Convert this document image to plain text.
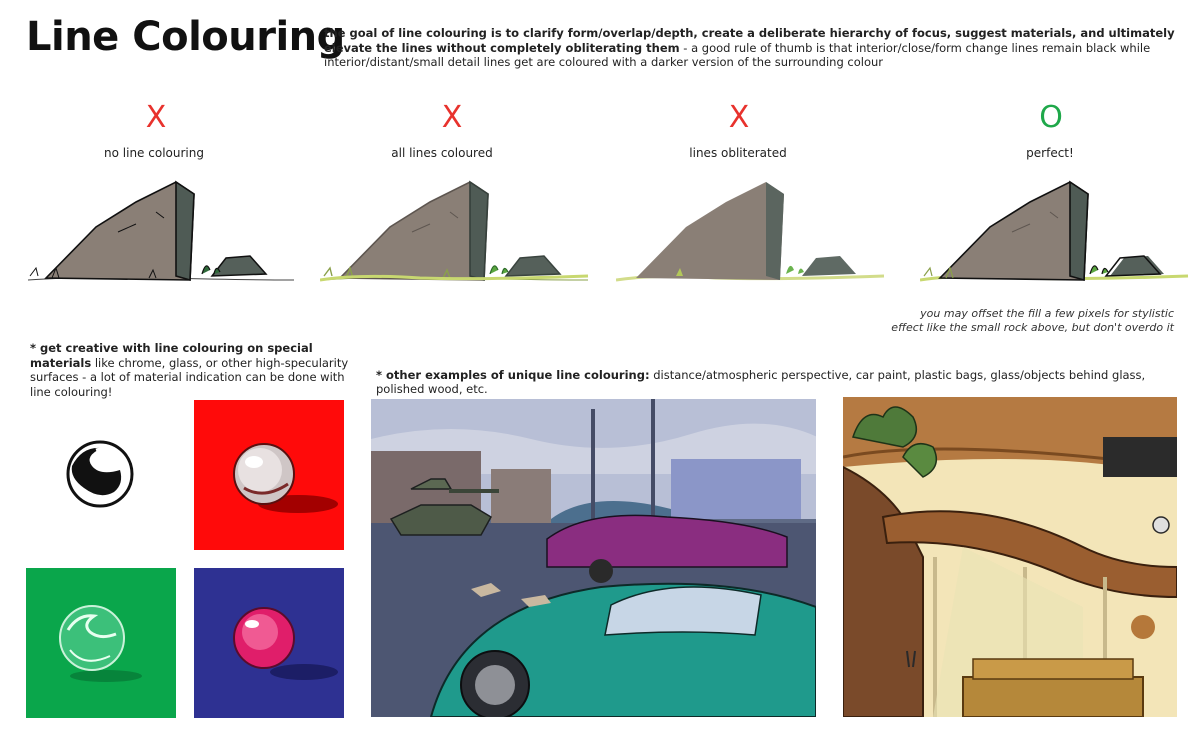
Line Colouring
the goal of line colouring is to clarify form/overlap/depth, create a deliberate hierarchy of focus, suggest materials, and ultimately elevate the lines without completely obliterating them - a good rule of thumb is that interior/close/form change lines remain black while interior/distant/small detail lines get are coloured with a darker version of the surrounding colour
X
no line colouring
X
all lines coloured
X
lines obliterated
O
perfect!
you may offset the fill a few pixels for stylistic
effect like the small rock above, but don't overdo it
* get creative with line colouring on special materials like chrome, glass, or other high-specularity surfaces - a lot of material indication can be done with line colouring!
* other examples of unique line colouring: distance/atmospheric perspective, car paint, plastic bags, glass/objects behind glass, polished wood, etc.
